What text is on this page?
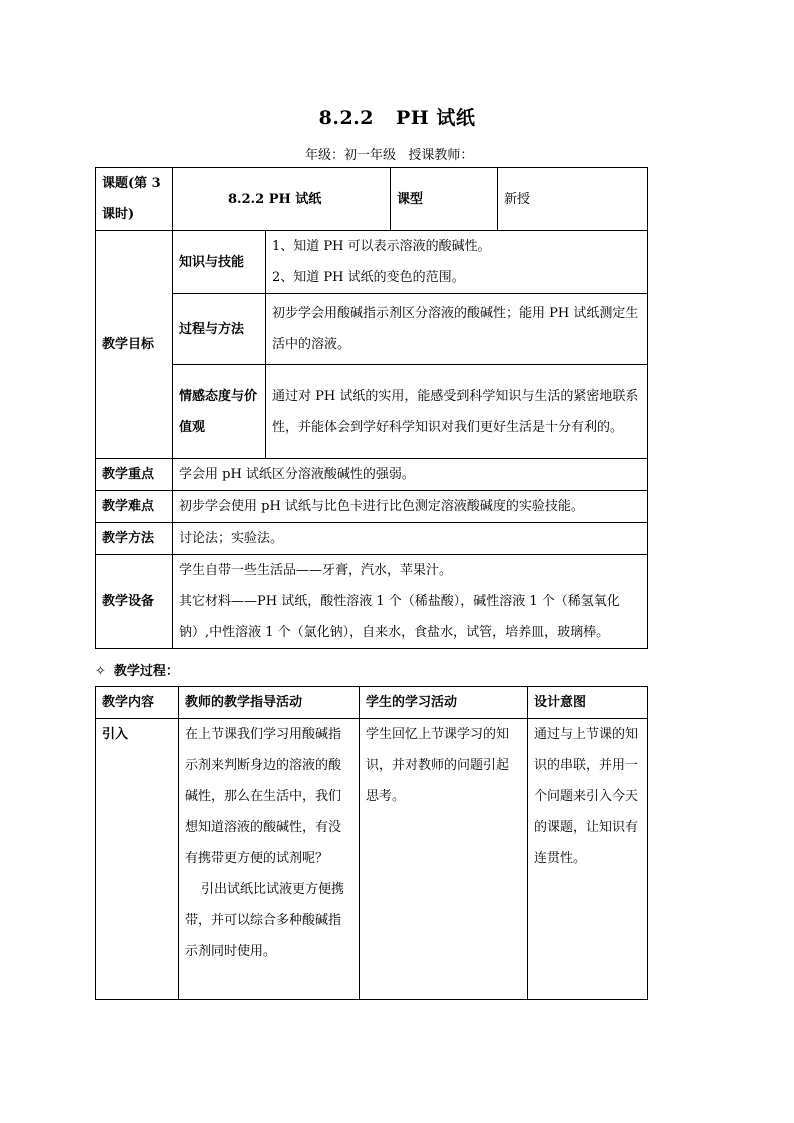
8.2.2 PH 试纸
年级：初一年级 授课教师：
课题(第 3 课时)	8.2.2 PH 试纸		课型	新授
教学目标	知识与技能	1、知道 PH 可以表示溶液的酸碱性。
2、知道 PH 试纸的变色的范围。		

	过程与方法	初步学会用酸碱指示剂区分溶液的酸碱性；能用 PH 试纸测定生活中的溶液。		
	情感态度与价值观	通过对 PH 试纸的实用，能感受到科学知识与生活的紧密地联系性，并能体会到学好科学知识对我们更好生活是十分有利的。		
教学重点	学会用 pH 试纸区分溶液酸碱性的强弱。			
教学难点	初步学会使用 pH 试纸与比色卡进行比色测定溶液酸碱度的实验技能。			
教学方法	讨论法；实验法。			
教学设备	学生自带一些生活品——牙膏，汽水，苹果汁。
其它材料——PH 试纸，酸性溶液 1 个（稀盐酸），碱性溶液 1 个（稀氢氧化钠）,中性溶液 1 个（氯化钠），自来水，食盐水，试管，培养皿，玻璃棒。			
✧ 教学过程：
教学内容	教师的教学指导活动	学生的学习活动	设计意图
引入	在上节课我们学习用酸碱指示剂来判断身边的溶液的酸碱性，那么在生活中，我们想知道溶液的酸碱性，有没有携带更方便的试剂呢？
引出试纸比试液更方便携带，并可以综合多种酸碱指示剂同时使用。	学生回忆上节课学习的知识，并对教师的问题引起思考。	通过与上节课的知识的串联，并用一个问题来引入今天的课题，让知识有连贯性。
